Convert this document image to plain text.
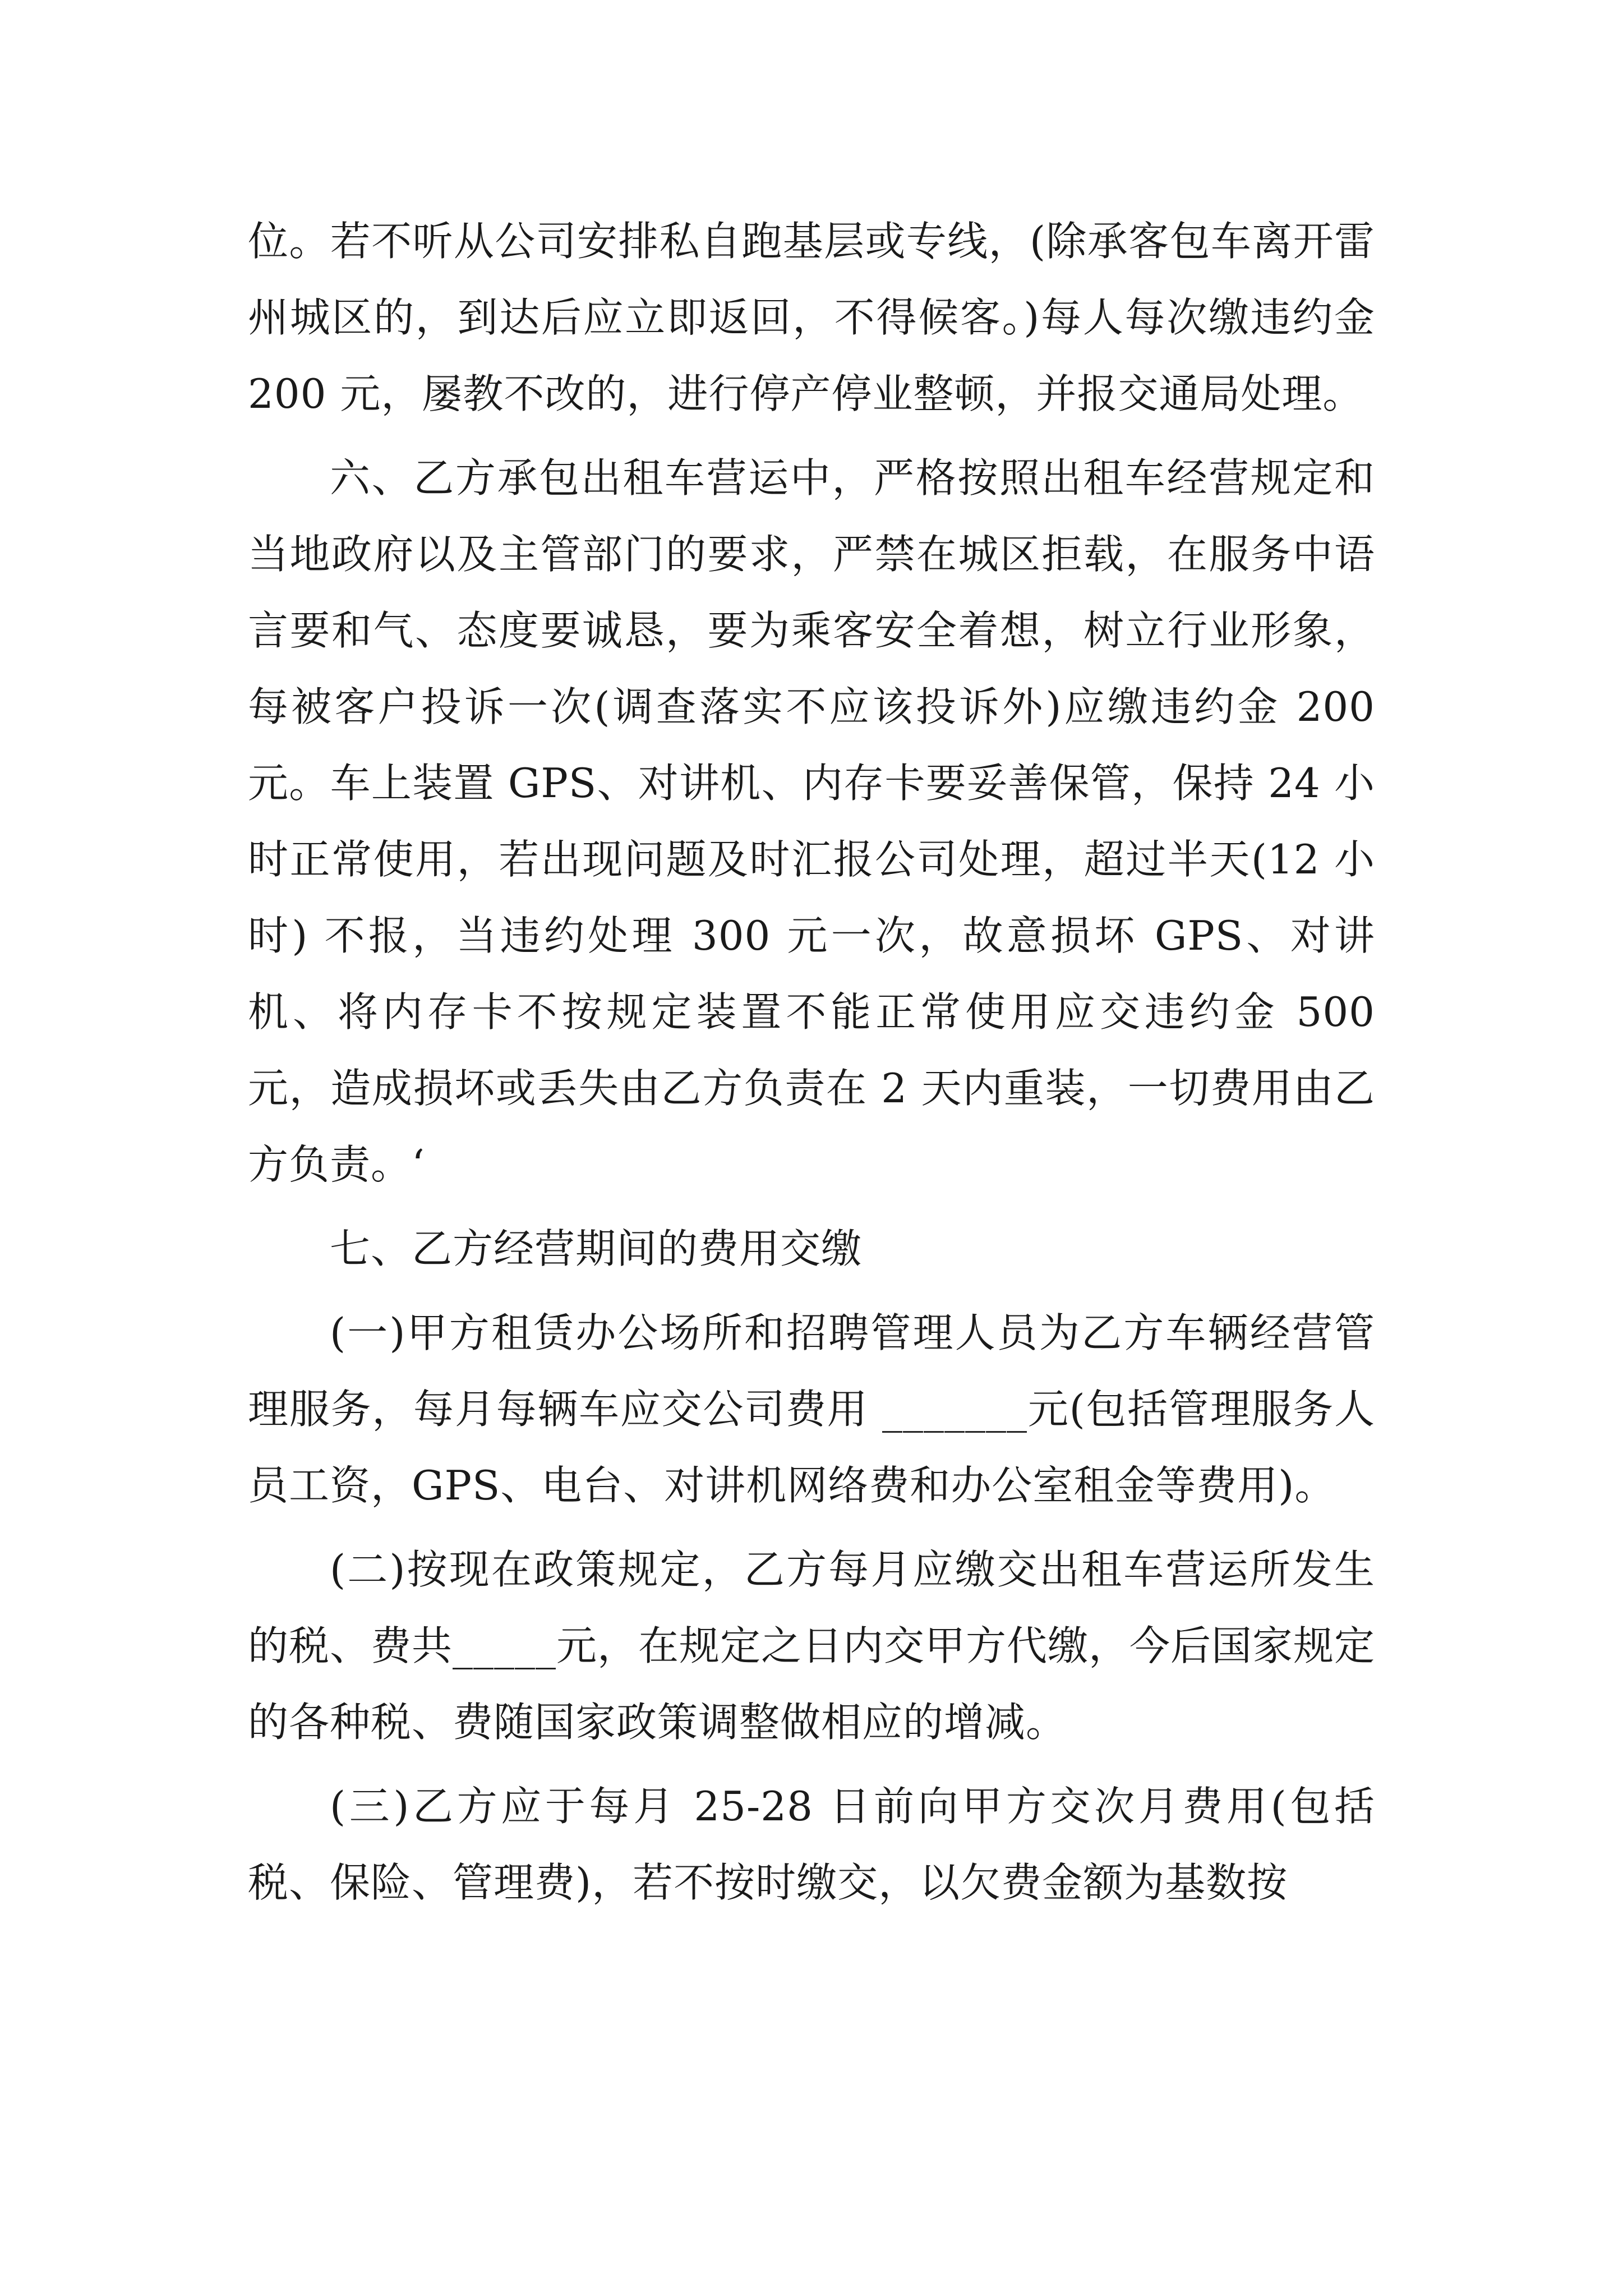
位。若不听从公司安排私自跑基层或专线，(除承客包车离开雷州城区的，到达后应立即返回，不得候客。)每人每次缴违约金 200 元，屡教不改的，进行停产停业整顿，并报交通局处理。

六、乙方承包出租车营运中，严格按照出租车经营规定和当地政府以及主管部门的要求，严禁在城区拒载，在服务中语言要和气、态度要诚恳，要为乘客安全着想，树立行业形象，每被客户投诉一次(调查落实不应该投诉外)应缴违约金 200 元。车上装置 GPS、对讲机、内存卡要妥善保管，保持 24 小时正常使用，若出现问题及时汇报公司处理，超过半天(12 小时) 不报，当违约处理 300 元一次，故意损坏 GPS、对讲机、将内存卡不按规定装置不能正常使用应交违约金 500 元，造成损坏或丢失由乙方负责在 2 天内重装，一切费用由乙方负责。‘

七、乙方经营期间的费用交缴

(一)甲方租赁办公场所和招聘管理人员为乙方车辆经营管理服务，每月每辆车应交公司费用 _______元(包括管理服务人员工资，GPS、电台、对讲机网络费和办公室租金等费用)。

(二)按现在政策规定，乙方每月应缴交出租车营运所发生的税、费共_____元，在规定之日内交甲方代缴，今后国家规定的各种税、费随国家政策调整做相应的增减。

(三)乙方应于每月 25-28 日前向甲方交次月费用(包括税、保险、管理费)，若不按时缴交，以欠费金额为基数按
